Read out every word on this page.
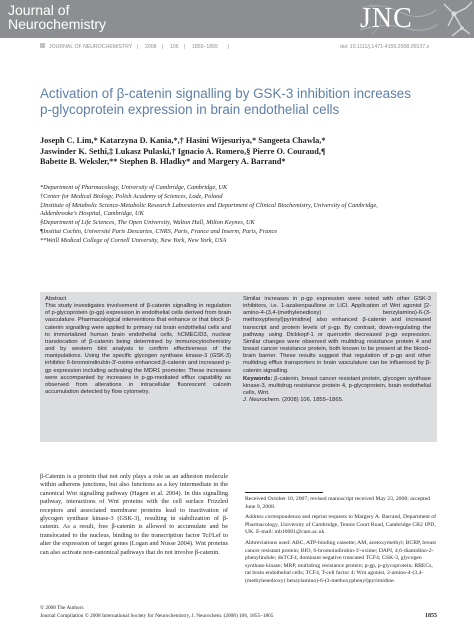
Journal of
Neurochemistry	JNC
JOURNAL OF NEUROCHEMISTRY | 2008 | 106 | 1855–1865 |	doi: 10.1111/j.1471-4159.2008.05537.x
Activation of β-catenin signalling by GSK-3 inhibition increases
p-glycoprotein expression in brain endothelial cells
Joseph C. Lim,* Katarzyna D. Kania,*,† Hasini Wijesuriya,* Sangeeta Chawla,*
Jaswinder K. Sethi,‡ Lukasz Pulaski,† Ignacio A. Romero,§ Pierre O. Couraud,¶
Babette B. Weksler,** Stephen B. Hladky* and Margery A. Barrand*
*Department of Pharmacology, University of Cambridge, Cambridge, UK
†Center for Medical Biology, Polish Academy of Sciences, Lodz, Poland
‡Institute of Metabolic Science-Metabolic Research Laboratories and Department of Clinical Biochemistry, University of Cambridge,
Addenbrooke's Hospital, Cambridge, UK
§Department of Life Sciences, The Open University, Walton Hall, Milton Keynes, UK
¶Institut Cochin, Université Paris Descartes, CNRS, Paris, France and Inserm, Paris, France
**Weill Medical College of Cornell University, New York, New York, USA
Abstract
This study investigates involvement of β-catenin signalling in regulation of p-glycoprotein (p-gp) expression in endothelial cells derived from brain vasculature. Pharmacological interventions that enhance or that block β-catenin signalling were applied to primary rat brain endothelial cells and to immortalized human brain endothelial cells, hCMEC/D3, nuclear translocation of β-catenin being determined by immunocytochemistry and by western blot analysis to confirm effectiveness of the manipulations. Using the specific glycogen synthase kinase-3 (GSK-3) inhibitor 6-bromoindirubin-3'-oxime enhanced β-catenin and increased p-gp expression including activating the MDR1 promoter. These increases were accompanied by increases in p-gp-mediated efflux capability as observed from alterations in intracellular fluorescent calcein accumulation detected by flow cytometry.
Similar increases in p-gp expression were noted with other GSK-3 inhibitors, i.e. 1-azakenpaullone or LiCl. Application of Wnt agonist [2-amino-4-(3,4-(methylenedioxy) benzylamino)-6-(3-methoxyphenyl)pyrimidine] also enhanced β-catenin and increased transcript and protein levels of p-gp. By contrast, down-regulating the pathway using Dickkopf-1 or quercetin decreased p-gp expression. Similar changes were observed with multidrug resistance protein 4 and breast cancer resistance protein, both known to be present at the blood–brain barrier. These results suggest that regulation of p-gp and other multidrug efflux transporters in brain vasculature can be influenced by β-catenin signalling.
Keywords: β-catenin, breast cancer resistant protein, glycogen synthase kinase-3, multidrug resistance protein 4, p-glycoprotein, brain endothelial cells, Wnt.
J. Neurochem. (2008) 106, 1855–1865.
β-Catenin is a protein that not only plays a role as an adhesion molecule within adherens junctions, but also functions as a key intermediate in the canonical Wnt signalling pathway (Hagen et al. 2004). In this signalling pathway, interactions of Wnt proteins with the cell surface Frizzled receptors and associated membrane proteins lead to inactivation of glycogen synthase kinase-3 (GSK-3), resulting in stabilization of β-catenin. As a result, free β-catenin is allowed to accumulate and be translocated to the nucleus, binding to the transcription factor Tcf/Lef to alter the expression of target genes (Logan and Nusse 2004). Wnt proteins can also activate non-canonical pathways that do not involve β-catenin.

Received October 10, 2007; revised manuscript received May 23, 2008; accepted June 9, 2008.

Address correspondence and reprint requests to Margery A. Barrand, Department of Pharmacology, University of Cambridge, Tennis Court Road, Cambridge CB2 1PD, UK. E-mail: mb10001@cam.ac.uk

Abbreviations used: ABC, ATP-binding cassette; AM, acetoxymethyl; BCRP, breast cancer resistant protein; BIO, 6-bromoindirubin-3'-oxime; DAPI, 4,6-diamidino-2-phenylindole; dnTCF4, dominant negative truncated TCF4; GSK-3, glycogen synthase kinase; MRP, multidrug resistance protein; p-gp, p-glycoprotein; RBECs, rat brain endothelial cells; TCF4, T-cell factor 4; Wnt agonist, 2-amino-4-(3,4-(methylenedioxy) benzylamino)-6-(3-methoxyphenyl)pyrimidine.

© 2008 The Authors
Journal Compilation © 2008 International Society for Neurochemistry, J. Neurochem. (2008) 106, 1855–1865	1855
